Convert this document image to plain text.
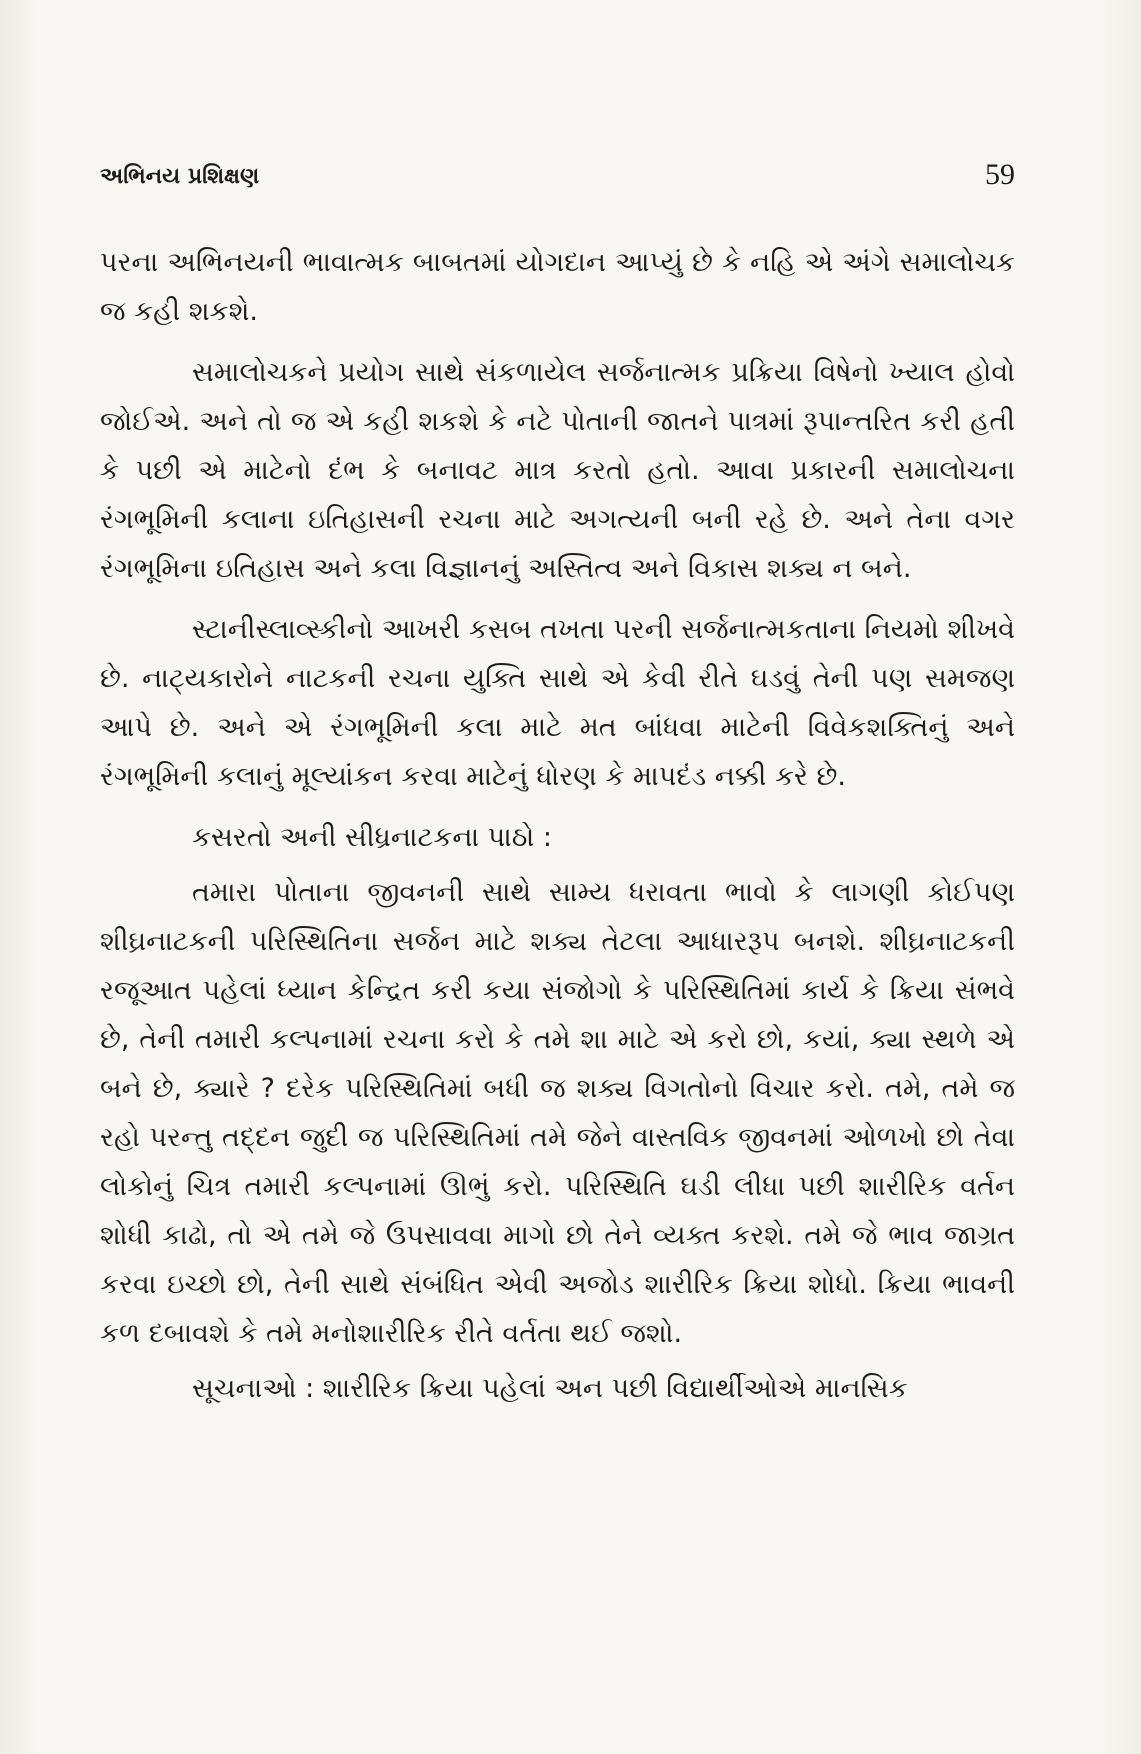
અભિનય પ્રશિક્ષણ	59

પરના અભિનયની ભાવાત્મક બાબતમાં યોગદાન આપ્યું છે કે નહિ એ અંગે સમાલોચક જ કહી શકશે.

સમાલોચકને પ્રયોગ સાથે સંકળાયેલ સર્જનાત્મક પ્રક્રિયા વિષેનો ખ્યાલ હોવો જોઈએ. અને તો જ એ કહી શકશે કે નટે પોતાની જાતને પાત્રમાં રૂપાન્તરિત કરી હતી કે પછી એ માટેનો દંભ કે બનાવટ માત્ર કરતો હતો. આવા પ્રકારની સમાલોચના રંગભૂમિની કલાના ઇતિહાસની રચના માટે અગત્યની બની રહે છે. અને તેના વગર રંગભૂમિના ઇતિહાસ અને કલા વિજ્ઞાનનું અસ્તિત્વ અને વિકાસ શક્ય ન બને.

સ્ટાનીસ્લાવ્સ્કીનો આખરી કસબ તખતા પરની સર્જનાત્મકતાના નિયમો શીખવે છે. નાટ્યકારોને નાટકની રચના યુક્તિ સાથે એ કેવી રીતે ઘડવું તેની પણ સમજણ આપે છે. અને એ રંગભૂમિની કલા માટે મત બાંધવા માટેની વિવેકશક્તિનું અને રંગભૂમિની કલાનું મૂલ્યાંકન કરવા માટેનું ધોરણ કે માપદંડ નક્કી કરે છે.

કસરતો અની સીધ્રનાટકના પાઠો :

તમારા પોતાના જીવનની સાથે સામ્ય ધરાવતા ભાવો કે લાગણી કોઈપણ શીઘ્રનાટકની પરિસ્થિતિના સર્જન માટે શક્ય તેટલા આધારરૂપ બનશે. શીઘ્રનાટકની રજૂઆત પહેલાં ધ્યાન કેન્દ્રિત કરી કયા સંજોગો કે પરિસ્થિતિમાં કાર્ય કે ક્રિયા સંભવે છે, તેની તમારી કલ્પનામાં રચના કરો કે તમે શા માટે એ કરો છો, કયાં, ક્યા સ્થળે એ બને છે, ક્યારે ? દરેક પરિસ્થિતિમાં બધી જ શક્ય વિગતોનો વિચાર કરો. તમે, તમે જ રહો પરન્તુ તદ્દન જુદી જ પરિસ્થિતિમાં તમે જેને વાસ્તવિક જીવનમાં ઓળખો છો તેવા લોકોનું ચિત્ર તમારી કલ્પનામાં ઊભું કરો. પરિસ્થિતિ ઘડી લીધા પછી શારીરિક વર્તન શોધી કાઢો, તો એ તમે જે ઉપસાવવા માગો છો તેને વ્યક્ત કરશે. તમે જે ભાવ જાગ્રત કરવા ઇચ્છો છો, તેની સાથે સંબંધિત એવી અજોડ શારીરિક ક્રિયા શોધો. ક્રિયા ભાવની કળ દબાવશે કે તમે મનોશારીરિક રીતે વર્તતા થઈ જશો.

સૂચનાઓ : શારીરિક ક્રિયા પહેલાં અન પછી વિદ્યાર્થીઓએ માનસિક
